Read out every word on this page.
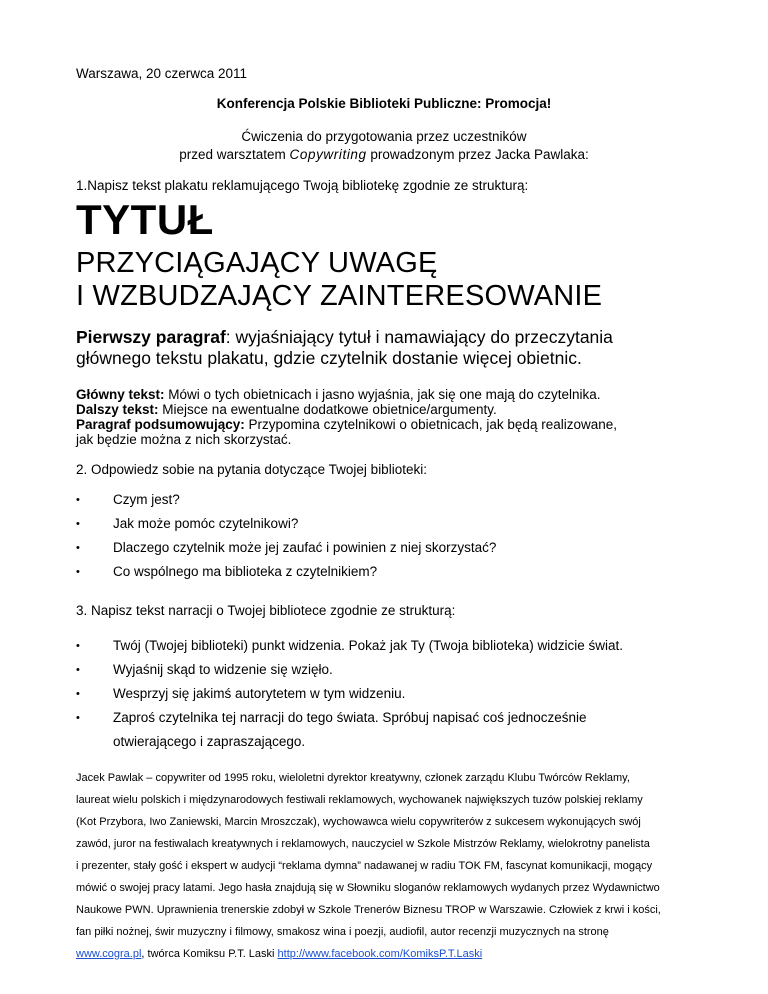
Warszawa, 20 czerwca 2011
Konferencja Polskie Biblioteki Publiczne: Promocja!
Ćwiczenia do przygotowania przez uczestników
przed warsztatem Copywriting prowadzonym przez Jacka Pawlaka:
1.Napisz tekst plakatu reklamującego Twoją bibliotekę zgodnie ze strukturą:
TYTUŁ
PRZYCIĄGAJĄCY UWAGĘ
I WZBUDZAJĄCY ZAINTERESOWANIE
Pierwszy paragraf: wyjaśniający tytuł i namawiający do przeczytania
głównego tekstu plakatu, gdzie czytelnik dostanie więcej obietnic.
Główny tekst: Mówi o tych obietnicach i jasno wyjaśnia, jak się one mają do czytelnika.
Dalszy tekst: Miejsce na ewentualne dodatkowe obietnice/argumenty.
Paragraf podsumowujący: Przypomina czytelnikowi o obietnicach, jak będą realizowane,
jak będzie można z nich skorzystać.
2. Odpowiedz sobie na pytania dotyczące Twojej biblioteki:
• Czym jest?
• Jak może pomóc czytelnikowi?
• Dlaczego czytelnik może jej zaufać i powinien z niej skorzystać?
• Co wspólnego ma biblioteka z czytelnikiem?
3. Napisz tekst narracji o Twojej bibliotece zgodnie ze strukturą:
• Twój (Twojej biblioteki) punkt widzenia. Pokaż jak Ty (Twoja biblioteka) widzicie świat.
• Wyjaśnij skąd to widzenie się wzięło.
• Wesprzyj się jakimś autorytetem w tym widzeniu.
• Zaproś czytelnika tej narracji do tego świata. Spróbuj napisać coś jednocześnie
otwierającego i zapraszającego.
Jacek Pawlak – copywriter od 1995 roku, wieloletni dyrektor kreatywny, członek zarządu Klubu Twórców Reklamy,
laureat wielu polskich i międzynarodowych festiwali reklamowych, wychowanek największych tuzów polskiej reklamy
(Kot Przybora, Iwo Zaniewski, Marcin Mroszczak), wychowawca wielu copywriterów z sukcesem wykonujących swój
zawód, juror na festiwalach kreatywnych i reklamowych, nauczyciel w Szkole Mistrzów Reklamy, wielokrotny panelista
i prezenter, stały gość i ekspert w audycji “reklama dymna” nadawanej w radiu TOK FM, fascynat komunikacji, mogący
mówić o swojej pracy latami. Jego hasła znajdują się w Słowniku sloganów reklamowych wydanych przez Wydawnictwo
Naukowe PWN. Uprawnienia trenerskie zdobył w Szkole Trenerów Biznesu TROP w Warszawie. Człowiek z krwi i kości,
fan piłki nożnej, świr muzyczny i filmowy, smakosz wina i poezji, audiofil, autor recenzji muzycznych na stronę
www.cogra.pl, twórca Komiksu P.T. Laski http://www.facebook.com/KomiksP.T.Laski
